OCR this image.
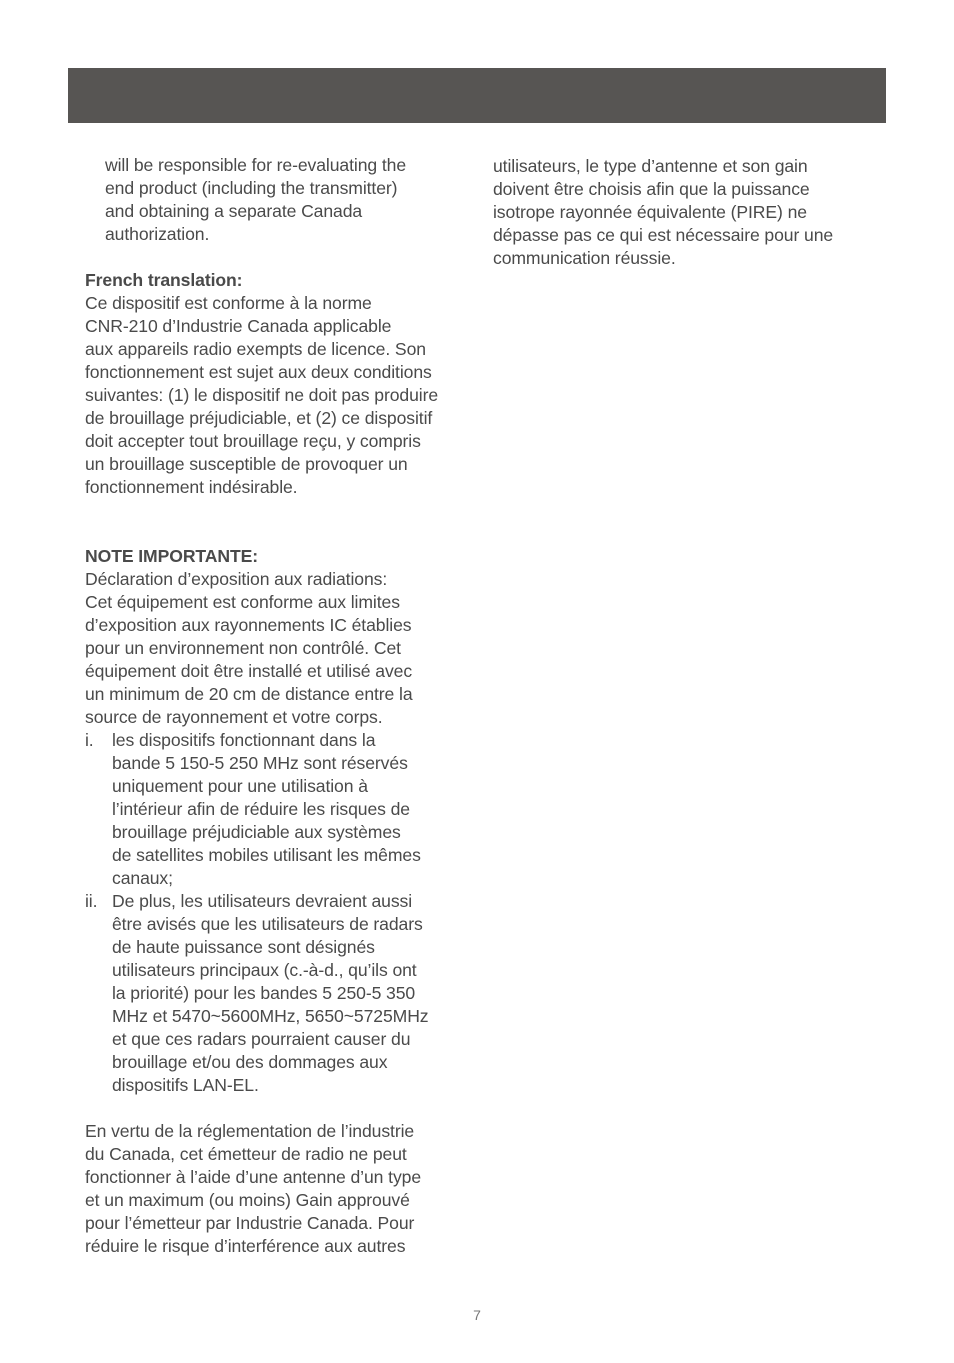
will be responsible for re-evaluating the
end product (including the transmitter)
and obtaining a separate Canada
authorization.
French translation:
Ce dispositif est conforme à la norme
CNR-210 d’Industrie Canada applicable
aux appareils radio exempts de licence. Son
fonctionnement est sujet aux deux conditions
suivantes: (1) le dispositif ne doit pas produire
de brouillage préjudiciable, et (2) ce dispositif
doit accepter tout brouillage reçu, y compris
un brouillage susceptible de provoquer un
fonctionnement indésirable.
NOTE IMPORTANTE:
Déclaration d’exposition aux radiations:
Cet équipement est conforme aux limites
d’exposition aux rayonnements IC établies
pour un environnement non contrôlé. Cet
équipement doit être installé et utilisé avec
un minimum de 20 cm de distance entre la
source de rayonnement et votre corps.
i. les dispositifs fonctionnant dans la
bande 5 150-5 250 MHz sont réservés
uniquement pour une utilisation à
l’intérieur afin de réduire les risques de
brouillage préjudiciable aux systèmes
de satellites mobiles utilisant les mêmes
canaux;
ii. De plus, les utilisateurs devraient aussi
être avisés que les utilisateurs de radars
de haute puissance sont désignés
utilisateurs principaux (c.-à-d., qu’ils ont
la priorité) pour les bandes 5 250-5 350
MHz et 5470~5600MHz, 5650~5725MHz
et que ces radars pourraient causer du
brouillage et/ou des dommages aux
dispositifs LAN-EL.
En vertu de la réglementation de l’industrie
du Canada, cet émetteur de radio ne peut
fonctionner à l’aide d’une antenne d’un type
et un maximum (ou moins) Gain approuvé
pour l’émetteur par Industrie Canada. Pour
réduire le risque d’interférence aux autres
utilisateurs, le type d’antenne et son gain
doivent être choisis afin que la puissance
isotrope rayonnée équivalente (PIRE) ne
dépasse pas ce qui est nécessaire pour une
communication réussie.
7
